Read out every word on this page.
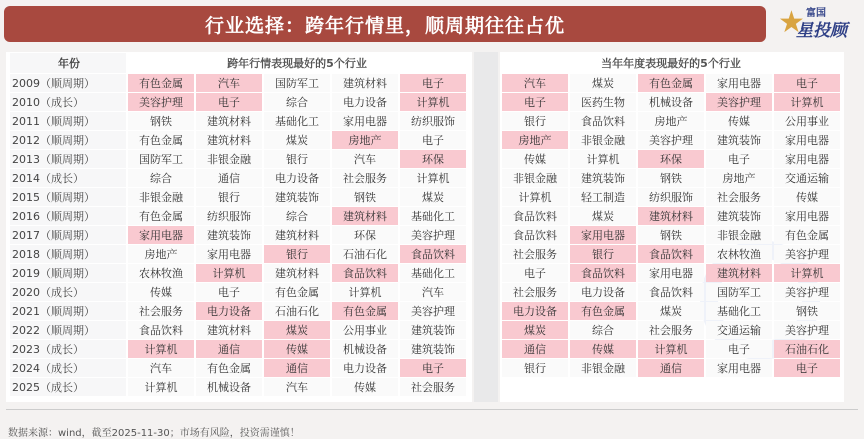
行业选择：跨年行情里，顺周期往往占优	★ 富国
星投顾
年份	跨年行情表现最好的5个行业				
2009（顺周期）	有色金属	汽车	国防军工	建筑材料	电子
2010（成长）	美容护理	电子	综合	电力设备	计算机
2011（顺周期）	钢铁	建筑材料	基础化工	家用电器	纺织服饰
2012（顺周期）	有色金属	建筑材料	煤炭	房地产	电子
2013（顺周期）	国防军工	非银金融	银行	汽车	环保
2014（成长）	综合	通信	电力设备	社会服务	计算机
2015（顺周期）	非银金融	银行	建筑装饰	钢铁	煤炭
2016（顺周期）	有色金属	纺织服饰	综合	建筑材料	基础化工
2017（顺周期）	家用电器	建筑装饰	建筑材料	环保	美容护理
2018（顺周期）	房地产	家用电器	银行	石油石化	食品饮料
2019（顺周期）	农林牧渔	计算机	建筑材料	食品饮料	基础化工
2020（成长）	传媒	电子	有色金属	计算机	汽车
2021（顺周期）	社会服务	电力设备	石油石化	有色金属	美容护理
2022（顺周期）	食品饮料	建筑材料	煤炭	公用事业	建筑装饰
2023（成长）	计算机	通信	传媒	机械设备	建筑装饰
2024（成长）	汽车	有色金属	通信	电力设备	电子
2025（成长）	计算机	机械设备	汽车	传媒	社会服务
当年年度表现最好的5个行业				
汽车	煤炭	有色金属	家用电器	电子
电子	医药生物	机械设备	美容护理	计算机
银行	食品饮料	房地产	传媒	公用事业
房地产	非银金融	美容护理	建筑装饰	家用电器
传媒	计算机	环保	电子	家用电器
非银金融	建筑装饰	钢铁	房地产	交通运输
计算机	轻工制造	纺织服饰	社会服务	传媒
食品饮料	煤炭	建筑材料	建筑装饰	家用电器
食品饮料	家用电器	钢铁	非银金融	有色金属
社会服务	银行	食品饮料	农林牧渔	美容护理
电子	食品饮料	家用电器	建筑材料	计算机
社会服务	电力设备	食品饮料	国防军工	美容护理
电力设备	有色金属	煤炭	基础化工	钢铁
煤炭	综合	社会服务	交通运输	美容护理
通信	传媒	计算机	电子	石油石化
银行	非银金融	通信	家用电器	电子

数据来源：wind，截至2025-11-30；市场有风险，投资需谨慎！
